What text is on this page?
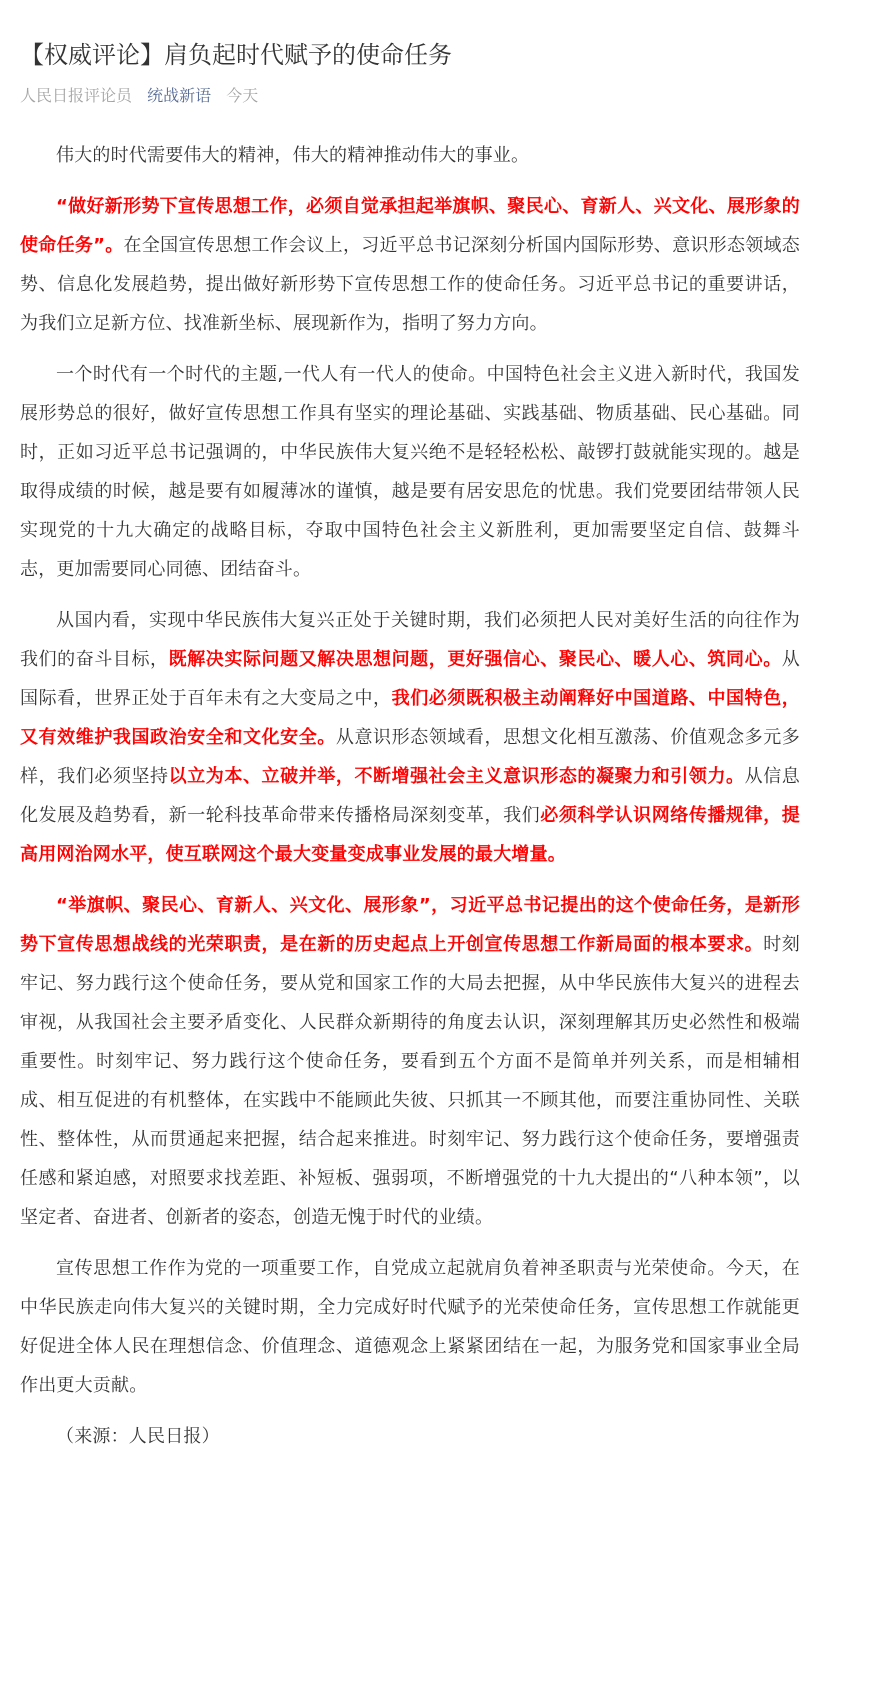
【权威评论】肩负起时代赋予的使命任务
人民日报评论员 统战新语 今天

伟大的时代需要伟大的精神，伟大的精神推动伟大的事业。

“做好新形势下宣传思想工作，必须自觉承担起举旗帜、聚民心、育新人、兴文化、展形象的使命任务”。在全国宣传思想工作会议上，习近平总书记深刻分析国内国际形势、意识形态领域态势、信息化发展趋势，提出做好新形势下宣传思想工作的使命任务。习近平总书记的重要讲话，为我们立足新方位、找准新坐标、展现新作为，指明了努力方向。

一个时代有一个时代的主题,一代人有一代人的使命。中国特色社会主义进入新时代，我国发展形势总的很好，做好宣传思想工作具有坚实的理论基础、实践基础、物质基础、民心基础。同时，正如习近平总书记强调的，中华民族伟大复兴绝不是轻轻松松、敲锣打鼓就能实现的。越是取得成绩的时候，越是要有如履薄冰的谨慎，越是要有居安思危的忧患。我们党要团结带领人民实现党的十九大确定的战略目标，夺取中国特色社会主义新胜利，更加需要坚定自信、鼓舞斗志，更加需要同心同德、团结奋斗。

从国内看，实现中华民族伟大复兴正处于关键时期，我们必须把人民对美好生活的向往作为我们的奋斗目标，既解决实际问题又解决思想问题，更好强信心、聚民心、暖人心、筑同心。从国际看，世界正处于百年未有之大变局之中，我们必须既积极主动阐释好中国道路、中国特色，又有效维护我国政治安全和文化安全。从意识形态领域看，思想文化相互激荡、价值观念多元多样，我们必须坚持以立为本、立破并举，不断增强社会主义意识形态的凝聚力和引领力。从信息化发展及趋势看，新一轮科技革命带来传播格局深刻变革，我们必须科学认识网络传播规律，提高用网治网水平，使互联网这个最大变量变成事业发展的最大增量。

“举旗帜、聚民心、育新人、兴文化、展形象”，习近平总书记提出的这个使命任务，是新形势下宣传思想战线的光荣职责，是在新的历史起点上开创宣传思想工作新局面的根本要求。时刻牢记、努力践行这个使命任务，要从党和国家工作的大局去把握，从中华民族伟大复兴的进程去审视，从我国社会主要矛盾变化、人民群众新期待的角度去认识，深刻理解其历史必然性和极端重要性。时刻牢记、努力践行这个使命任务，要看到五个方面不是简单并列关系，而是相辅相成、相互促进的有机整体，在实践中不能顾此失彼、只抓其一不顾其他，而要注重协同性、关联性、整体性，从而贯通起来把握，结合起来推进。时刻牢记、努力践行这个使命任务，要增强责任感和紧迫感，对照要求找差距、补短板、强弱项，不断增强党的十九大提出的“八种本领”，以坚定者、奋进者、创新者的姿态，创造无愧于时代的业绩。

宣传思想工作作为党的一项重要工作，自党成立起就肩负着神圣职责与光荣使命。今天，在中华民族走向伟大复兴的关键时期，全力完成好时代赋予的光荣使命任务，宣传思想工作就能更好促进全体人民在理想信念、价值理念、道德观念上紧紧团结在一起，为服务党和国家事业全局作出更大贡献。

（来源：人民日报）
